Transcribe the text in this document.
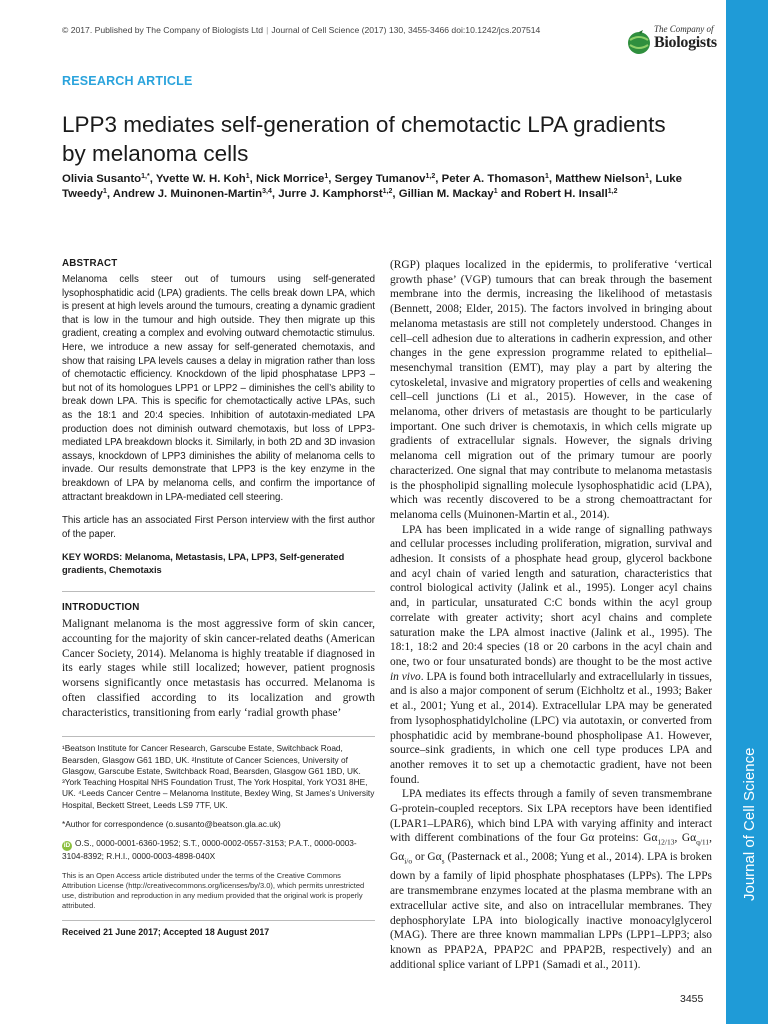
© 2017. Published by The Company of Biologists Ltd | Journal of Cell Science (2017) 130, 3455-3466 doi:10.1242/jcs.207514	The Company of
Biologists
RESEARCH ARTICLE
LPP3 mediates self-generation of chemotactic LPA gradients by melanoma cells
Olivia Susanto$^{1,*}$, Yvette W. H. Koh$^1$, Nick Morrice$^1$, Sergey Tumanov$^{1,2}$, Peter A. Thomason$^1$, Matthew Nielson$^1$, Luke Tweedy$^1$, Andrew J. Muinonen-Martin$^{3,4}$, Jurre J. Kamphorst$^{1,2}$, Gillian M. Mackay$^1$ and Robert H. Insall$^{1,2}$
ABSTRACT

Melanoma cells steer out of tumours using self-generated lysophosphatidic acid (LPA) gradients. The cells break down LPA, which is present at high levels around the tumours, creating a dynamic gradient that is low in the tumour and high outside. They then migrate up this gradient, creating a complex and evolving outward chemotactic stimulus. Here, we introduce a new assay for self-generated chemotaxis, and show that raising LPA levels causes a delay in migration rather than loss of chemotactic efficiency. Knockdown of the lipid phosphatase LPP3 – but not of its homologues LPP1 or LPP2 – diminishes the cell’s ability to break down LPA. This is specific for chemotactically active LPAs, such as the 18:1 and 20:4 species. Inhibition of autotaxin-mediated LPA production does not diminish outward chemotaxis, but loss of LPP3-mediated LPA breakdown blocks it. Similarly, in both 2D and 3D invasion assays, knockdown of LPP3 diminishes the ability of melanoma cells to invade. Our results demonstrate that LPP3 is the key enzyme in the breakdown of LPA by melanoma cells, and confirm the importance of attractant breakdown in LPA-mediated cell steering.

This article has an associated First Person interview with the first author of the paper.

KEY WORDS: Melanoma, Metastasis, LPA, LPP3, Self-generated gradients, Chemotaxis

INTRODUCTION

Malignant melanoma is the most aggressive form of skin cancer, accounting for the majority of skin cancer-related deaths (American Cancer Society, 2014). Melanoma is highly treatable if diagnosed in its early stages while still localized; however, patient prognosis worsens significantly once metastasis has occurred. Melanoma is often classified according to its localization and growth characteristics, transitioning from early ‘radial growth phase’

¹Beatson Institute for Cancer Research, Garscube Estate, Switchback Road, Bearsden, Glasgow G61 1BD, UK. ²Institute of Cancer Sciences, University of Glasgow, Garscube Estate, Switchback Road, Bearsden, Glasgow G61 1BD, UK. ³York Teaching Hospital NHS Foundation Trust, The York Hospital, York YO31 8HE, UK. ⁴Leeds Cancer Centre – Melanoma Institute, Bexley Wing, St James’s University Hospital, Beckett Street, Leeds LS9 7TF, UK.

*Author for correspondence (o.susanto@beatson.gla.ac.uk)

iD O.S., 0000-0001-6360-1952; S.T., 0000-0002-0557-3153; P.A.T., 0000-0003-3104-8392; R.H.I., 0000-0003-4898-040X

This is an Open Access article distributed under the terms of the Creative Commons Attribution License (http://creativecommons.org/licenses/by/3.0), which permits unrestricted use, distribution and reproduction in any medium provided that the original work is properly attributed.

Received 21 June 2017; Accepted 18 August 2017

(RGP) plaques localized in the epidermis, to proliferative ‘vertical growth phase’ (VGP) tumours that can break through the basement membrane into the dermis, increasing the likelihood of metastasis (Bennett, 2008; Elder, 2015). The factors involved in bringing about melanoma metastasis are still not completely understood. Changes in cell–cell adhesion due to alterations in cadherin expression, and other changes in the gene expression programme related to epithelial–mesenchymal transition (EMT), may play a part by altering the cytoskeletal, invasive and migratory properties of cells and weakening cell–cell junctions (Li et al., 2015). However, in the case of melanoma, other drivers of metastasis are thought to be particularly important. One such driver is chemotaxis, in which cells migrate up gradients of extracellular signals. However, the signals driving melanoma cell migration out of the primary tumour are poorly characterized. One signal that may contribute to melanoma metastasis is the phospholipid signalling molecule lysophosphatidic acid (LPA), which was recently discovered to be a strong chemoattractant for melanoma cells (Muinonen-Martin et al., 2014).

LPA has been implicated in a wide range of signalling pathways and cellular processes including proliferation, migration, survival and adhesion. It consists of a phosphate head group, glycerol backbone and acyl chain of varied length and saturation, characteristics that control biological activity (Jalink et al., 1995). Longer acyl chains and, in particular, unsaturated C:C bonds within the acyl group correlate with greater activity; short acyl chains and complete saturation make the LPA almost inactive (Jalink et al., 1995). The 18:1, 18:2 and 20:4 species (18 or 20 carbons in the acyl chain and one, two or four unsaturated bonds) are thought to be the most active in vivo. LPA is found both intracellularly and extracellularly in tissues, and is also a major component of serum (Eichholtz et al., 1993; Baker et al., 2001; Yung et al., 2014). Extracellular LPA may be generated from lysophosphatidylcholine (LPC) via autotaxin, or converted from phosphatidic acid by membrane-bound phospholipase A1. However, source–sink gradients, in which one cell type produces LPA and another removes it to set up a chemotactic gradient, have not been found.

LPA mediates its effects through a family of seven transmembrane G-protein-coupled receptors. Six LPA receptors have been identified (LPAR1–LPAR6), which bind LPA with varying affinity and interact with different combinations of the four Gα proteins: $G\alpha_{12/13}$, $G\alpha_{q/11}$, $G\alpha_{i/o}$ or $G\alpha_s$ (Pasternack et al., 2008; Yung et al., 2014). LPA is broken down by a family of lipid phosphate phosphatases (LPPs). The LPPs are transmembrane enzymes located at the plasma membrane with an extracellular active site, and also on intracellular membranes. They dephosphorylate LPA into biologically inactive monoacylglycerol (MAG). There are three known mammalian LPPs (LPP1–LPP3; also known as PPAP2A, PPAP2C and PPAP2B, respectively) and an additional splice variant of LPP1 (Samadi et al., 2011).

Journal of Cell Science
3455
